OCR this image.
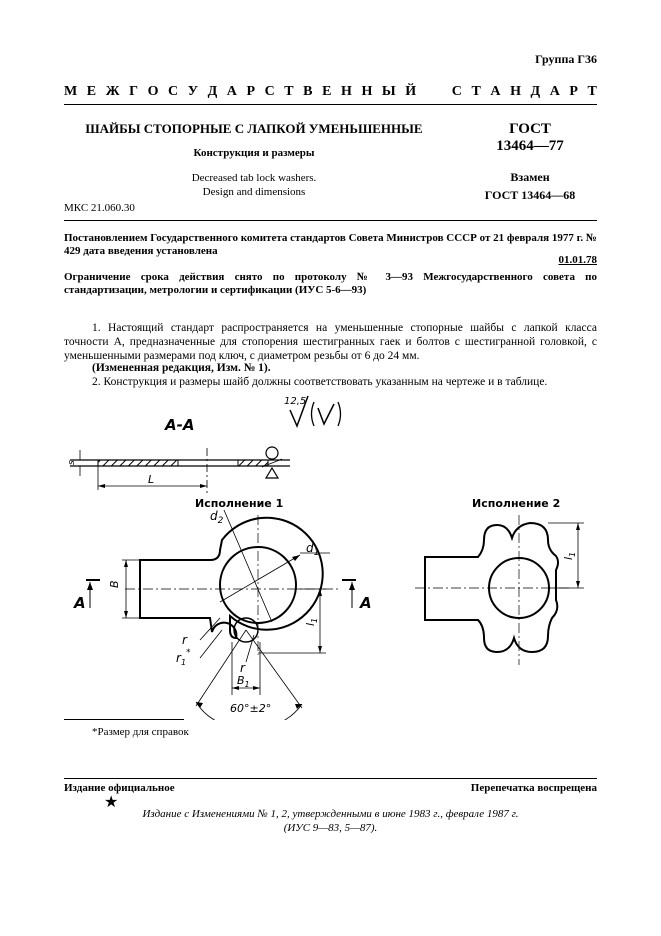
Группа Г36
М Е Ж Г О С У Д А Р С Т В Е Н Н Ы Й

	С Т А Н Д А Р Т
ШАЙБЫ СТОПОРНЫЕ С ЛАПКОЙ УМЕНЬШЕННЫЕ
Конструкция и размеры
Decreased tab lock washers.
Design and dimensions
ГОСТ
13464—77
Взамен
ГОСТ 13464—68
МКС 21.060.30
Постановлением Государственного комитета стандартов Совета Министров СССР от 21 февраля 1977 г. № 429 дата введения установлена
01.01.78
Ограничение срока действия снято по протоколу № 3—93 Межгосударственного совета по стандартизации, метрологии и сертификации (ИУС 5-6—93)
1. Настоящий стандарт распространяется на уменьшенные стопорные шайбы с лапкой класса точности А, предназначенные для стопорения шестигранных гаек и болтов с шестигранной головкой, с уменьшенными размерами под ключ, с диаметром резьбы от 6 до 24 мм.
(Измененная редакция, Изм. № 1).
2. Конструкция и размеры шайб должны соответствовать указанным на чертеже и в таблице.
12,5
А-А
s
L
Исполнение 1
$d_2$
$d_1$
B
$l_1$
r
$r_1^*$
r
$B_1$
60°±2°
А	А
Исполнение 2
$l_1$
*Размер для справок
Издание официальное	Перепечатка воспрещена
★
Издание с Изменениями № 1, 2, утвержденными в июне 1983 г., феврале 1987 г.
(ИУС 9—83, 5—87).
